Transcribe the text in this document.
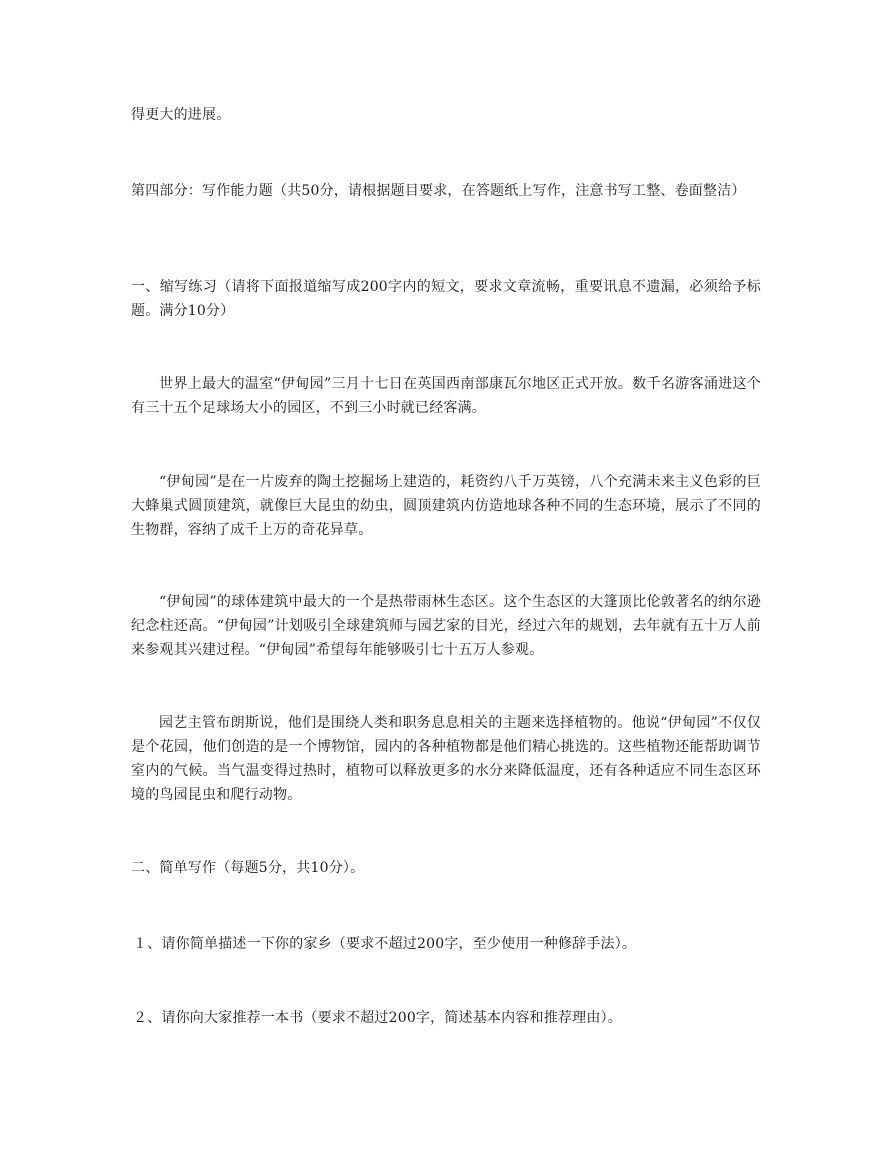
得更大的进展。

第四部分：写作能力题（共50分，请根据题目要求，在答题纸上写作，注意书写工整、卷面整洁）

一、缩写练习（请将下面报道缩写成200字内的短文，要求文章流畅，重要讯息不遗漏，必须给予标题。满分10分）

世界上最大的温室“伊甸园”三月十七日在英国西南部康瓦尔地区正式开放。数千名游客涌进这个有三十五个足球场大小的园区，不到三小时就已经客满。

“伊甸园”是在一片废弃的陶土挖掘场上建造的，耗资约八千万英镑，八个充满未来主义色彩的巨大蜂巢式圆顶建筑，就像巨大昆虫的幼虫，圆顶建筑内仿造地球各种不同的生态环境，展示了不同的生物群，容纳了成千上万的奇花异草。

“伊甸园”的球体建筑中最大的一个是热带雨林生态区。这个生态区的大篷顶比伦敦著名的纳尔逊纪念柱还高。“伊甸园”计划吸引全球建筑师与园艺家的目光，经过六年的规划，去年就有五十万人前来参观其兴建过程。“伊甸园”希望每年能够吸引七十五万人参观。

园艺主管布朗斯说，他们是围绕人类和职务息息相关的主题来选择植物的。他说“伊甸园”不仅仅是个花园，他们创造的是一个博物馆，园内的各种植物都是他们精心挑选的。这些植物还能帮助调节室内的气候。当气温变得过热时，植物可以释放更多的水分来降低温度，还有各种适应不同生态区环境的鸟园昆虫和爬行动物。

二、简单写作（每题5分，共10分）。

１、请你简单描述一下你的家乡（要求不超过200字，至少使用一种修辞手法）。

２、请你向大家推荐一本书（要求不超过200字，简述基本内容和推荐理由）。
